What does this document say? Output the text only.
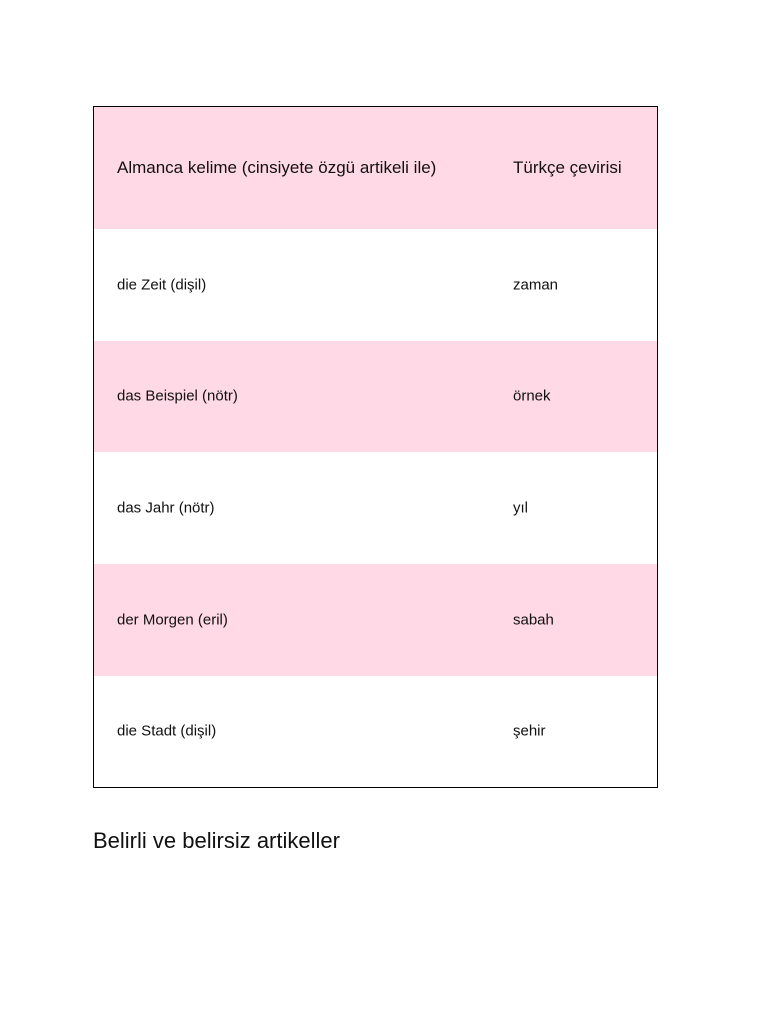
Almanca kelime (cinsiyete özgü artikeli ile)	Türkçe çevirisi
die Zeit (dişil)	zaman
das Beispiel (nötr)	örnek
das Jahr (nötr)	yıl
der Morgen (eril)	sabah
die Stadt (dişil)	şehir
Belirli ve belirsiz artikeller
